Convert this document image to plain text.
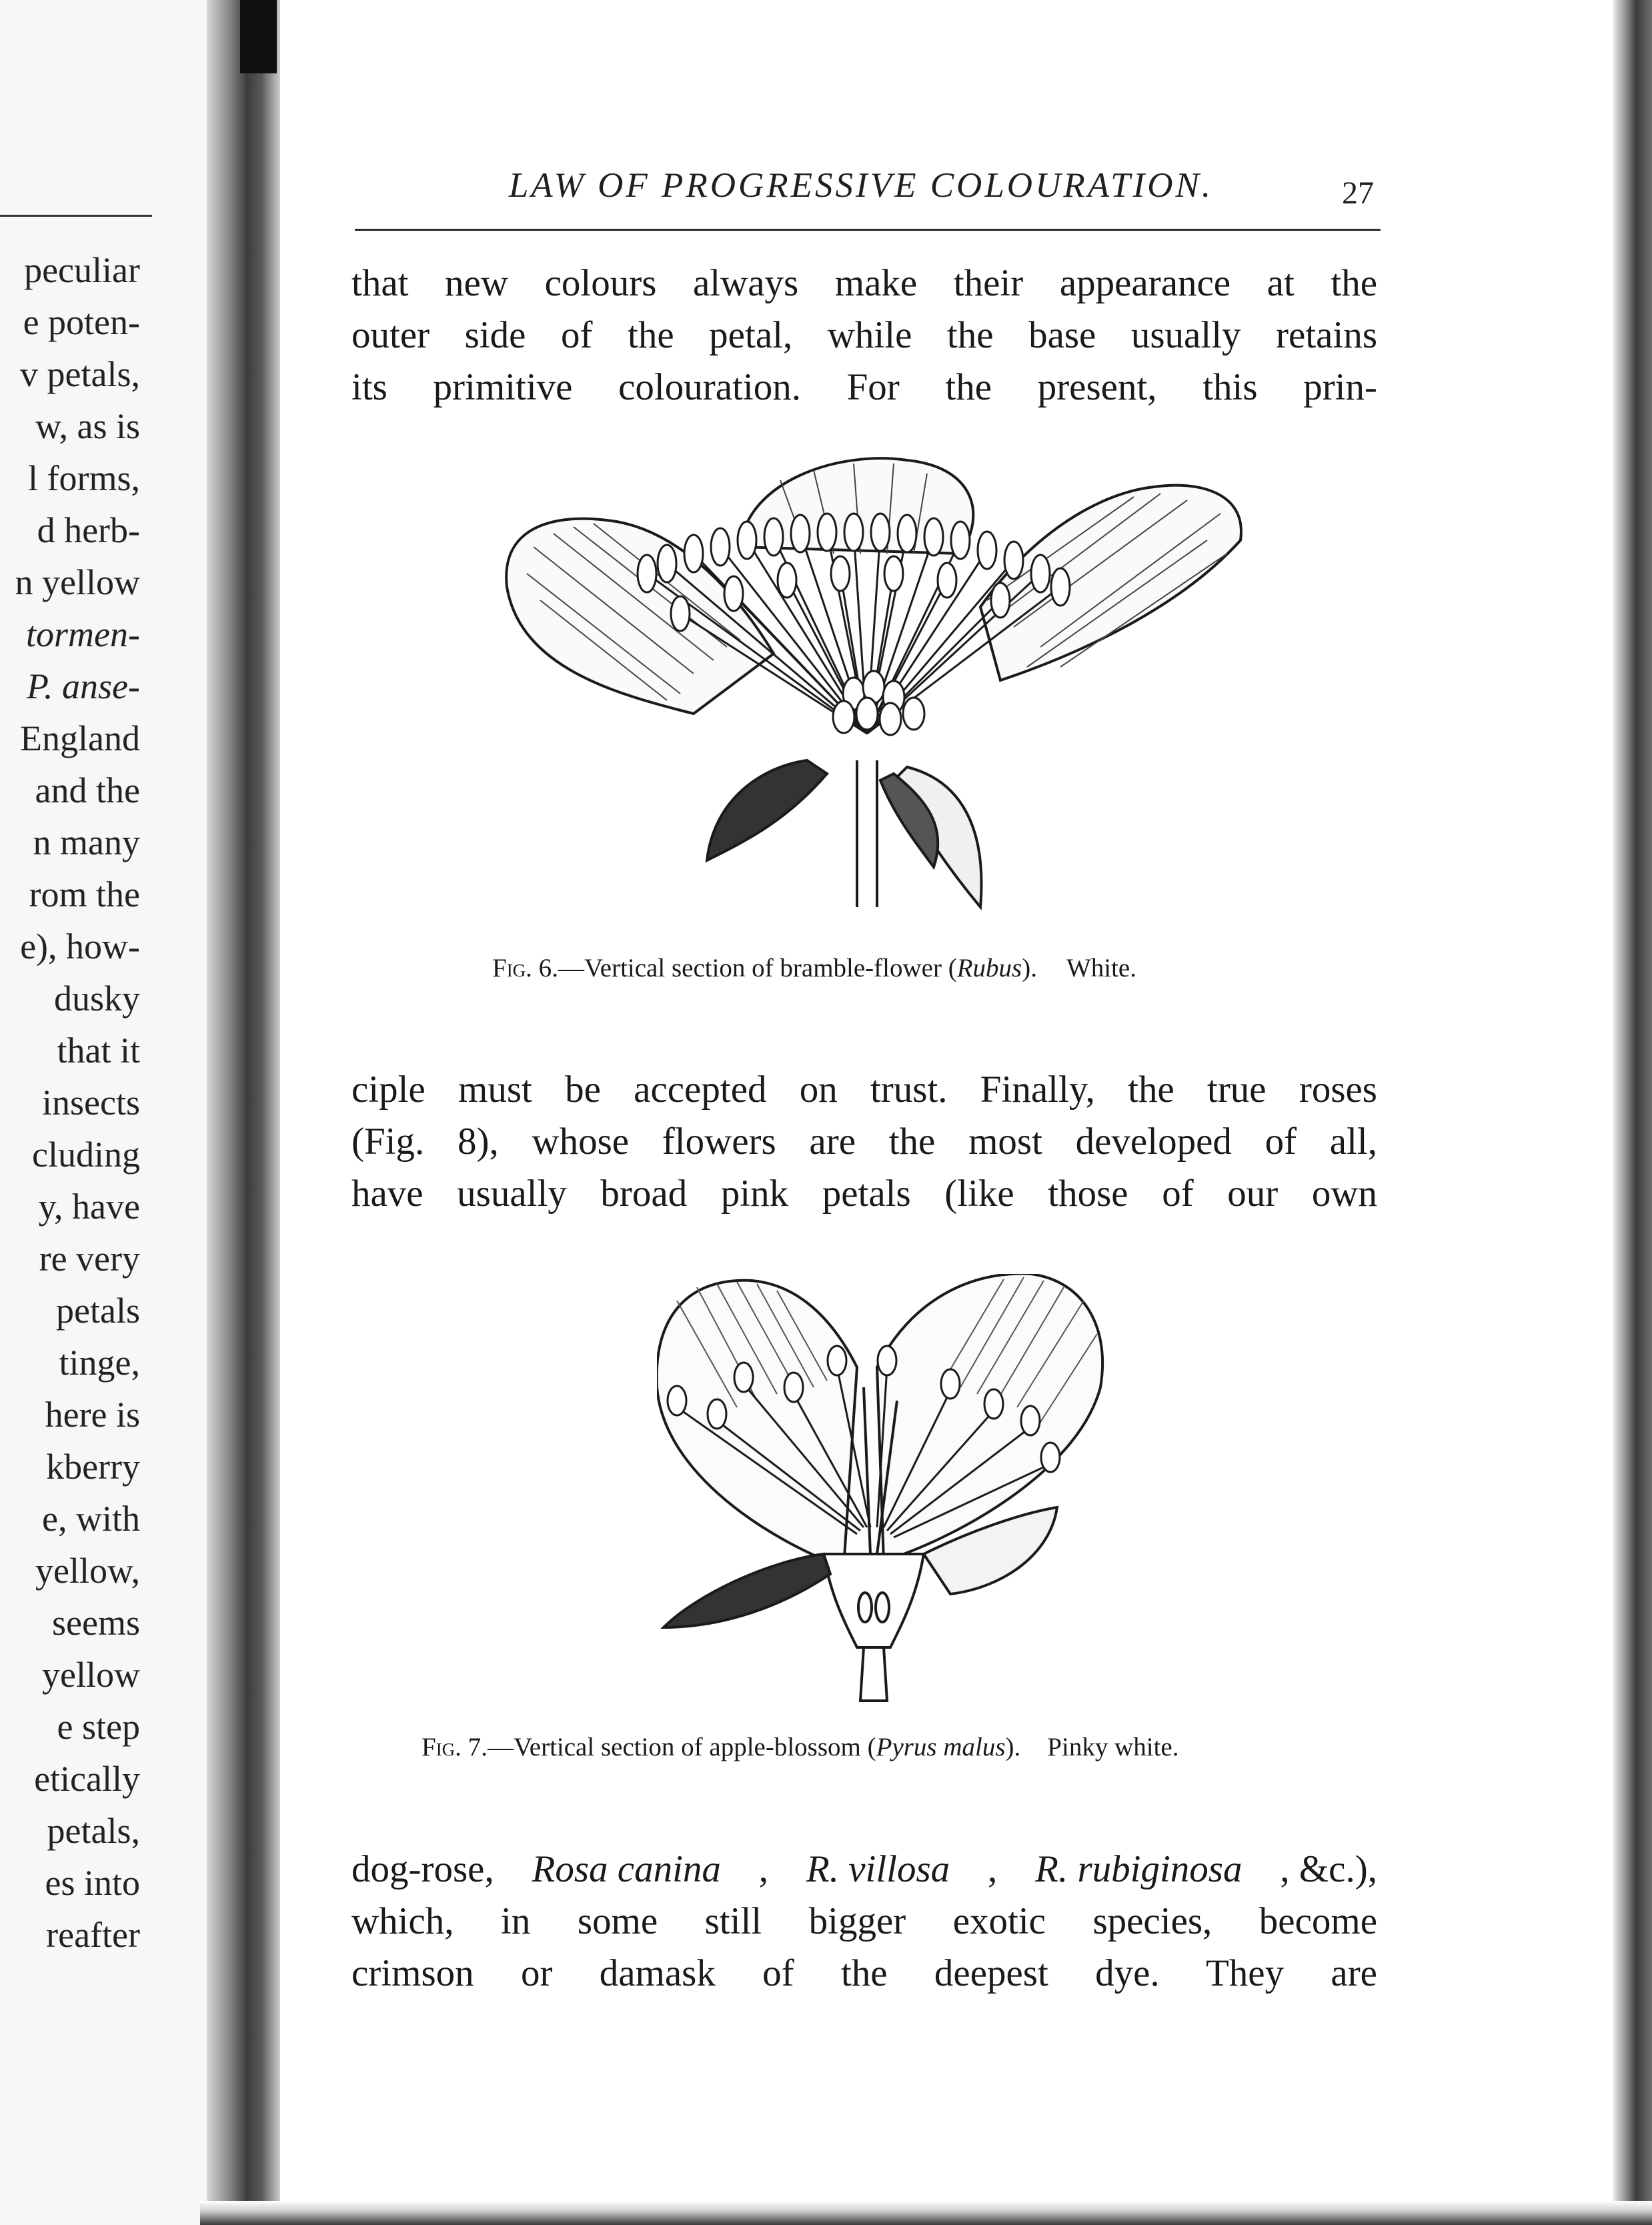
peculiar
e poten-
v petals,
w, as is
l forms,
d herb-
n yellow
tormen-
P. anse-
England
and the
n many
rom the
e), how-
dusky
that it
insects
cluding
y, have
re very
petals
tinge,
here is
kberry
e, with
yellow,
seems
yellow
e step
etically
petals,
es into
reafter
LAW OF PROGRESSIVE COLOURATION.	27
that new colours always make their appearance at the
outer side of the petal, while the base usually retains
its primitive colouration. For the present, this prin-
Fig. 6.—Vertical section of bramble-flower (Rubus). White.
ciple must be accepted on trust. Finally, the true roses
(Fig. 8), whose flowers are the most developed of all,
have usually broad pink petals (like those of our own
Fig. 7.—Vertical section of apple-blossom (Pyrus malus). Pinky white.
dog-rose, Rosa canina , R. villosa , R. rubiginosa , &c.),
which, in some still bigger exotic species, become
crimson or damask of the deepest dye. They are
